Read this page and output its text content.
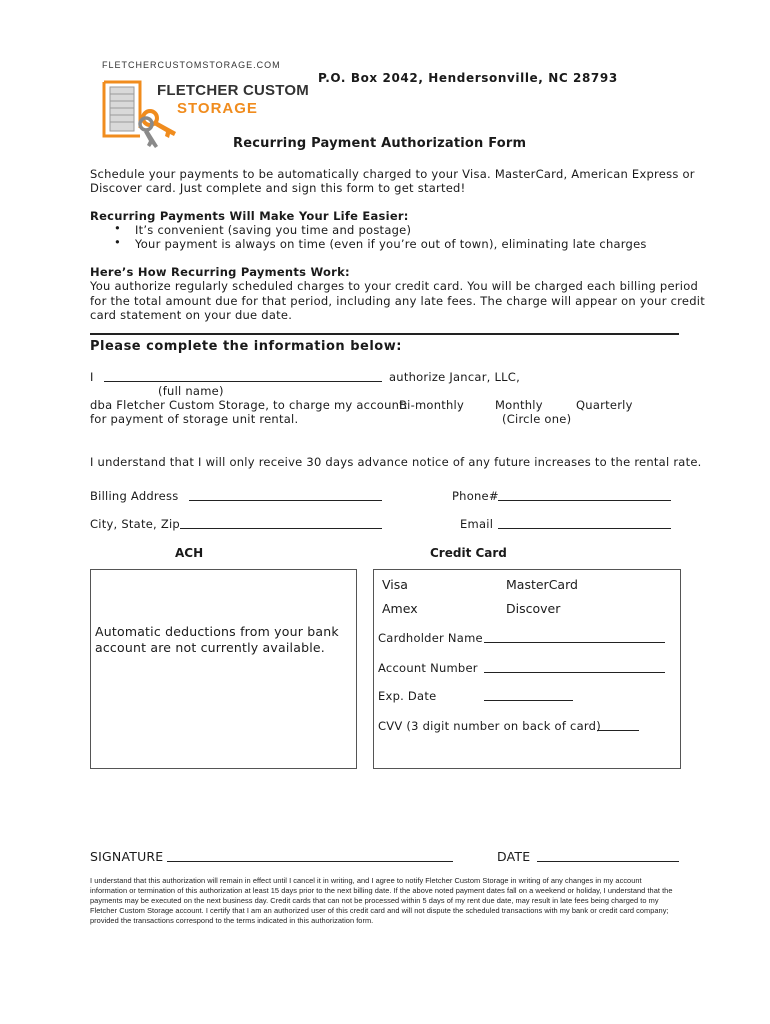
FLETCHERCUSTOMSTORAGE.COM
FLETCHER CUSTOM
STORAGE
P.O. Box 2042, Hendersonville, NC 28793
Recurring Payment Authorization Form
Schedule your payments to be automatically charged to your Visa. MasterCard, American Express or
Discover card. Just complete and sign this form to get started!
Recurring Payments Will Make Your Life Easier:
• It’s convenient (saving you time and postage)
• Your payment is always on time (even if you’re out of town), eliminating late charges
Here’s How Recurring Payments Work:
You authorize regularly scheduled charges to your credit card. You will be charged each billing period
for the total amount due for that period, including any late fees. The charge will appear on your credit
card statement on your due date.
Please complete the information below:
I	authorize Jancar, LLC,
(full name)
dba Fletcher Custom Storage, to charge my account:
Bi-monthly	Monthly	Quarterly
for payment of storage unit rental.	(Circle one)
I understand that I will only receive 30 days advance notice of any future increases to the rental rate.
Billing Address	Phone#
City, State, Zip	Email
ACH	Credit Card
Automatic deductions from your bank
account are not currently available.
Visa	MasterCard
Amex	Discover
Cardholder Name
Account Number
Exp. Date
CVV (3 digit number on back of card)
SIGNATURE	DATE
I understand that this authorization will remain in effect until I cancel it in writing, and I agree to notify Fletcher Custom Storage in writing of any changes in my account information or termination of this authorization at least 15 days prior to the next billing date. If the above noted payment dates fall on a weekend or holiday, I understand that the payments may be executed on the next business day. Credit cards that can not be processed within 5 days of my rent due date, may result in late fees being charged to my Fletcher Custom Storage account. I certify that I am an authorized user of this credit card and will not dispute the scheduled transactions with my bank or credit card company; provided the transactions correspond to the terms indicated in this authorization form.
